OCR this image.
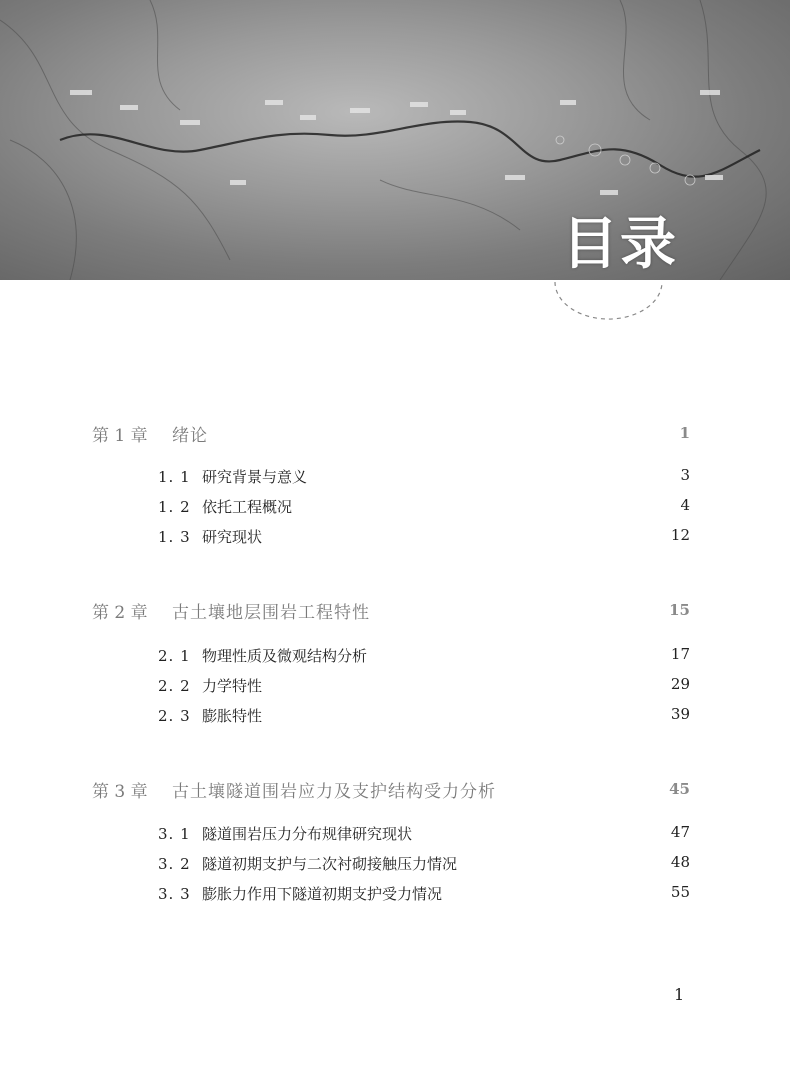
目录
第 1 章 绪论	1
1. 1 研究背景与意义	3
1. 2 依托工程概况	4
1. 3 研究现状	12
第 2 章 古土壤地层围岩工程特性	15
2. 1 物理性质及微观结构分析	17
2. 2 力学特性	29
2. 3 膨胀特性	39
第 3 章 古土壤隧道围岩应力及支护结构受力分析	45
3. 1 隧道围岩压力分布规律研究现状	47
3. 2 隧道初期支护与二次衬砌接触压力情况	48
3. 3 膨胀力作用下隧道初期支护受力情况	55
1
